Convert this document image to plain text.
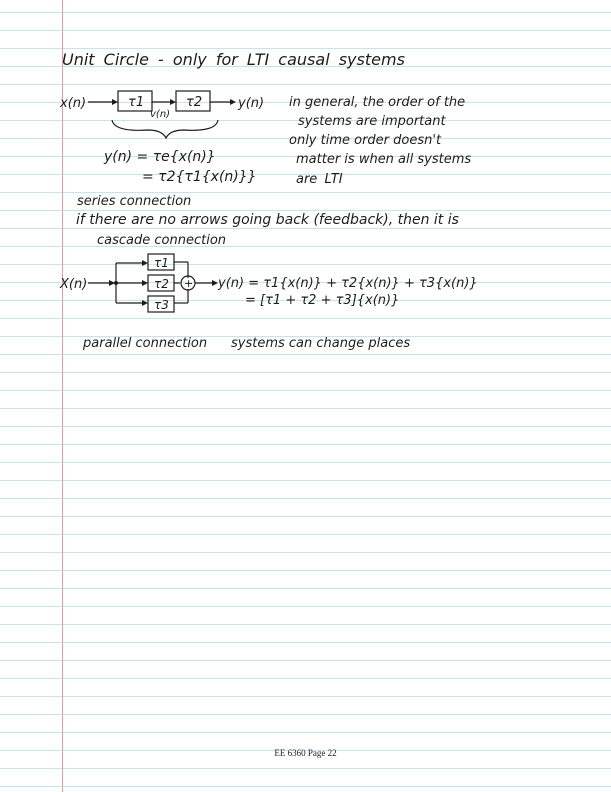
Unit Circle - only for LTI causal systems
x(n)	τ1
v(n)
τ2	y(n)
y(n) = τe{x(n)}
= τ2{τ1{x(n)}}
in general, the order of the
systems are important
only time order doesn't
matter is when all systems
are LTI
series connection
if there are no arrows going back (feedback), then it is
cascade connection
X(n)
τ1
τ2
τ3
+ y(n) = τ1{x(n)} + τ2{x(n)} + τ3{x(n)}
= [τ1 + τ2 + τ3]{x(n)}
parallel connection systems can change places
EE 6360 Page 22
